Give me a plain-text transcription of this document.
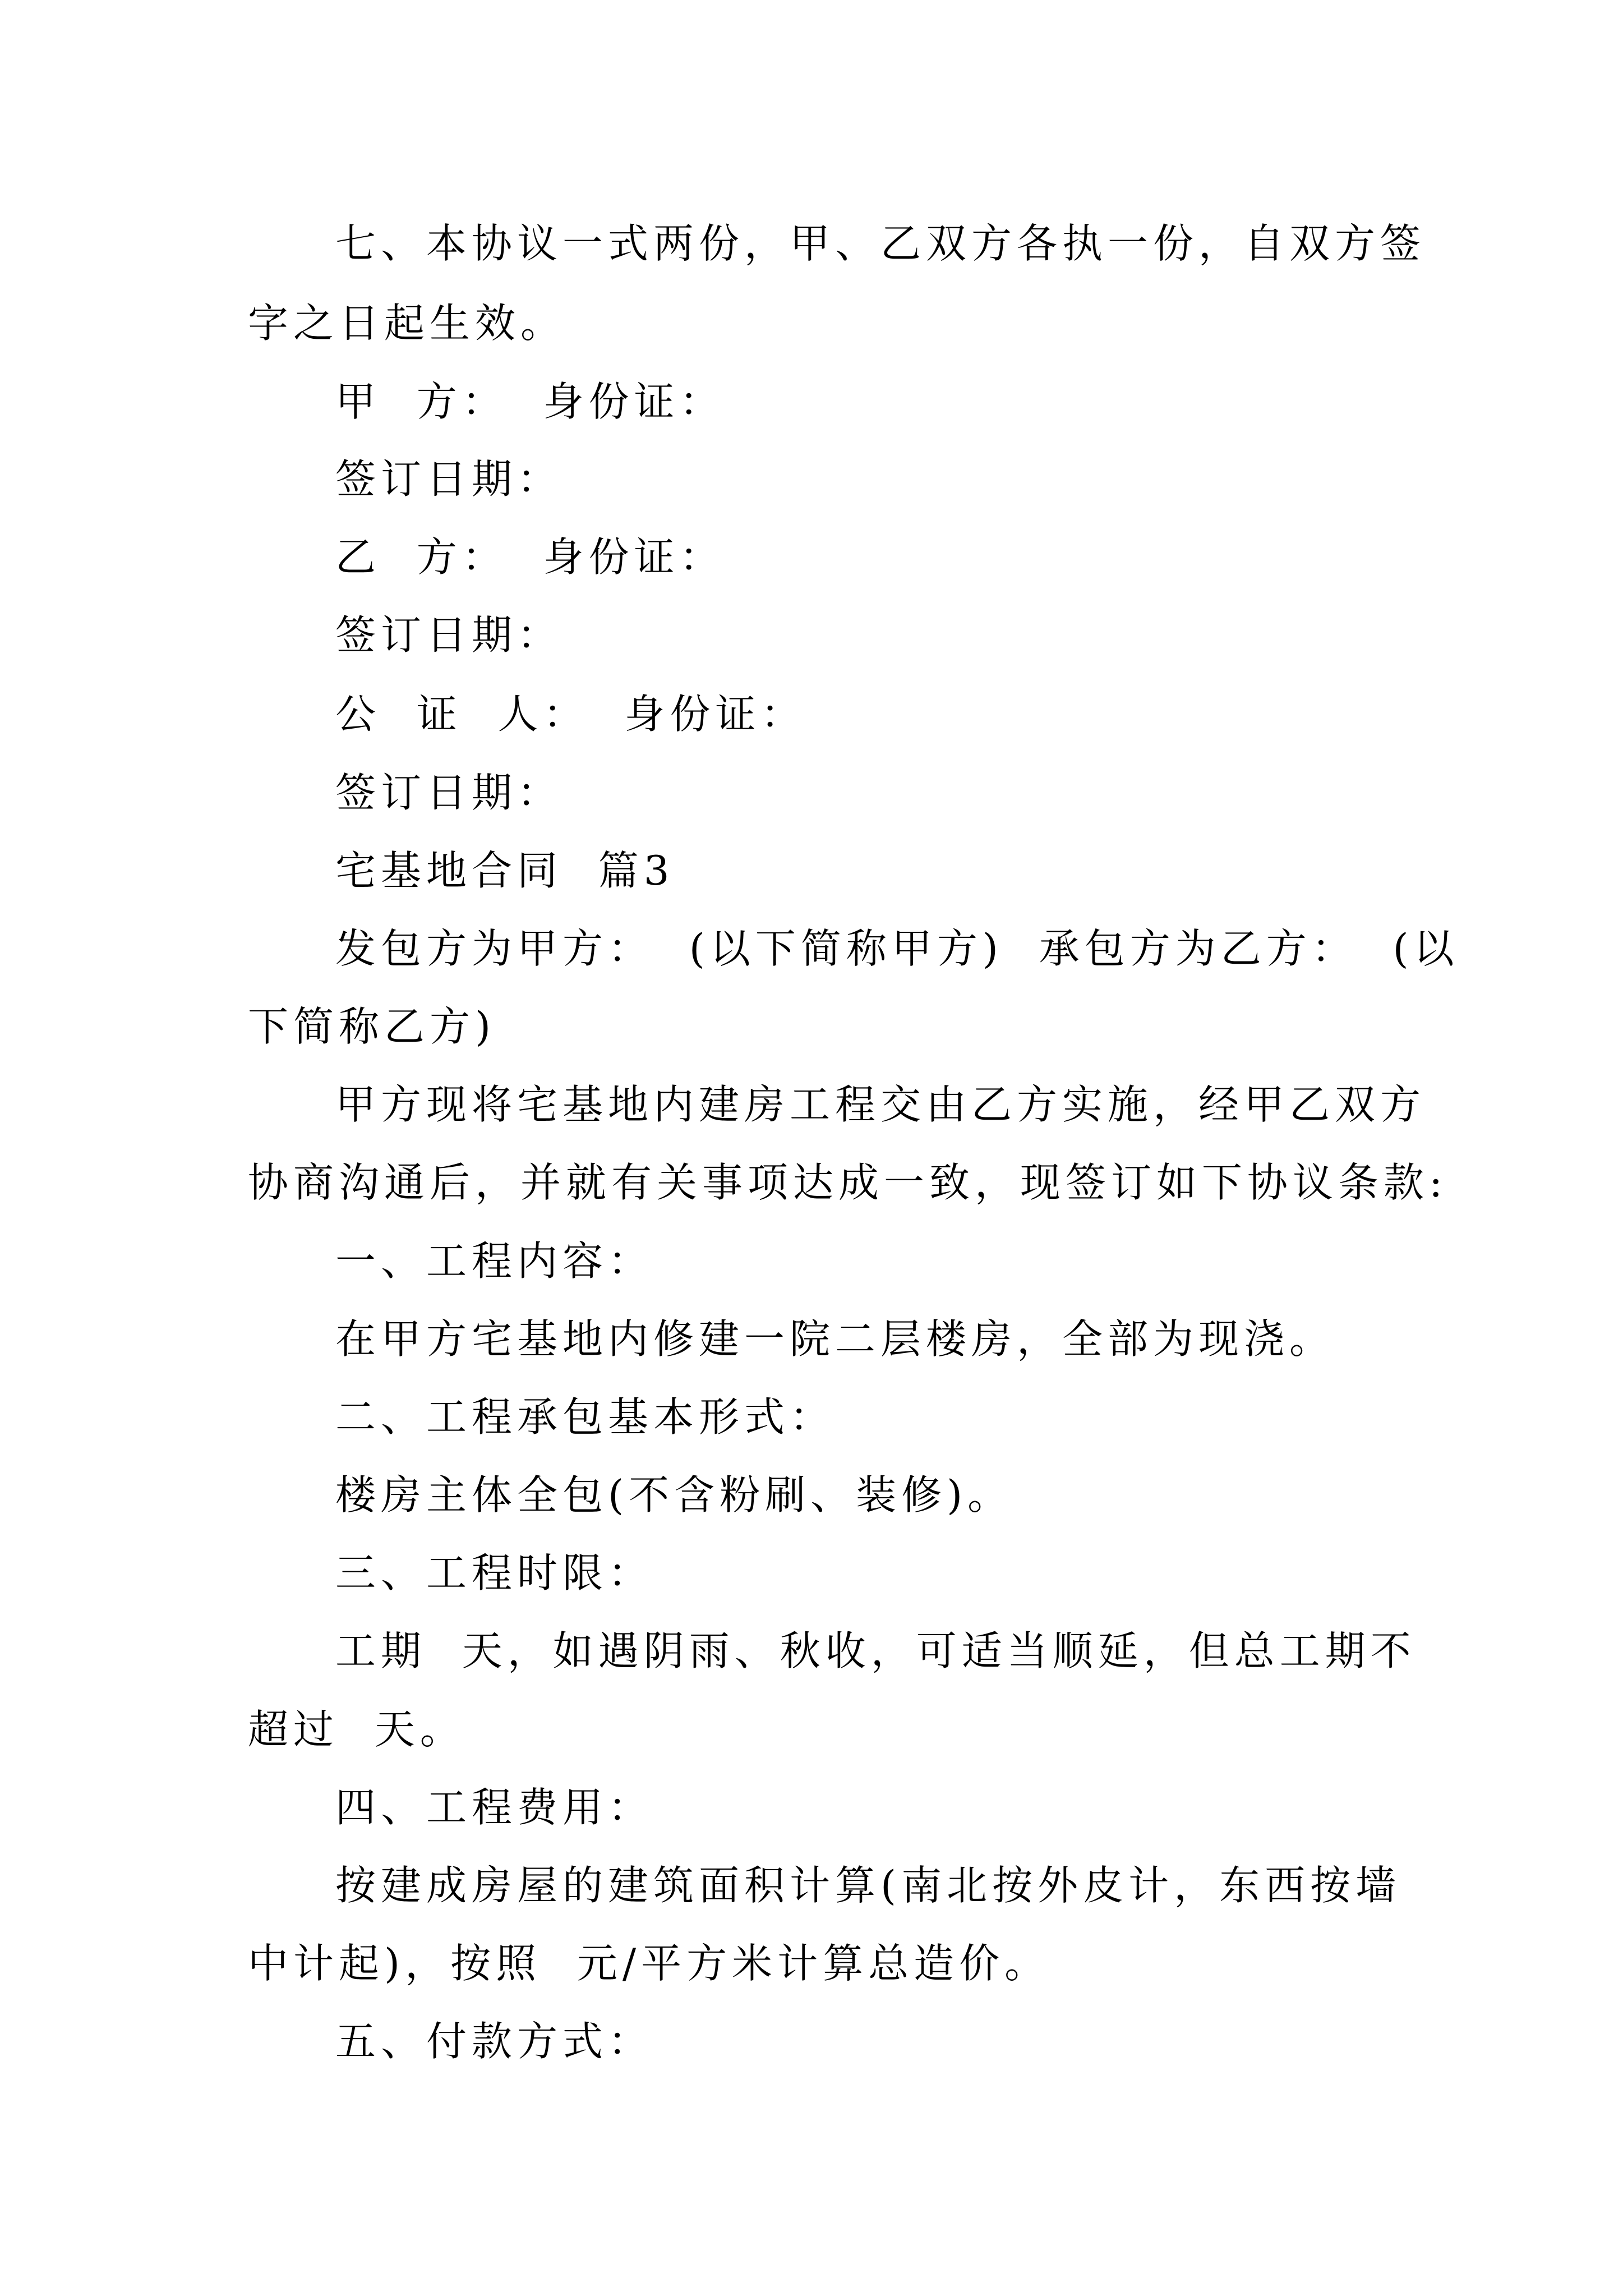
七、本协议一式两份，甲、乙双方各执一份，自双方签
字之日起生效。
甲  方：  身份证：
签订日期：
乙  方：  身份证：
签订日期：
公  证  人：  身份证：
签订日期：
宅基地合同  篇3
发包方为甲方：  (以下简称甲方)  承包方为乙方：  (以
下简称乙方)
甲方现将宅基地内建房工程交由乙方实施，经甲乙双方
协商沟通后，并就有关事项达成一致，现签订如下协议条款:
一、工程内容：
在甲方宅基地内修建一院二层楼房，全部为现浇。
二、工程承包基本形式：
楼房主体全包(不含粉刷、装修)。
三、工程时限：
工期  天，如遇阴雨、秋收，可适当顺延，但总工期不
超过  天。
四、工程费用：
按建成房屋的建筑面积计算(南北按外皮计，东西按墙
中计起)，按照  元/平方米计算总造价。
五、付款方式：
